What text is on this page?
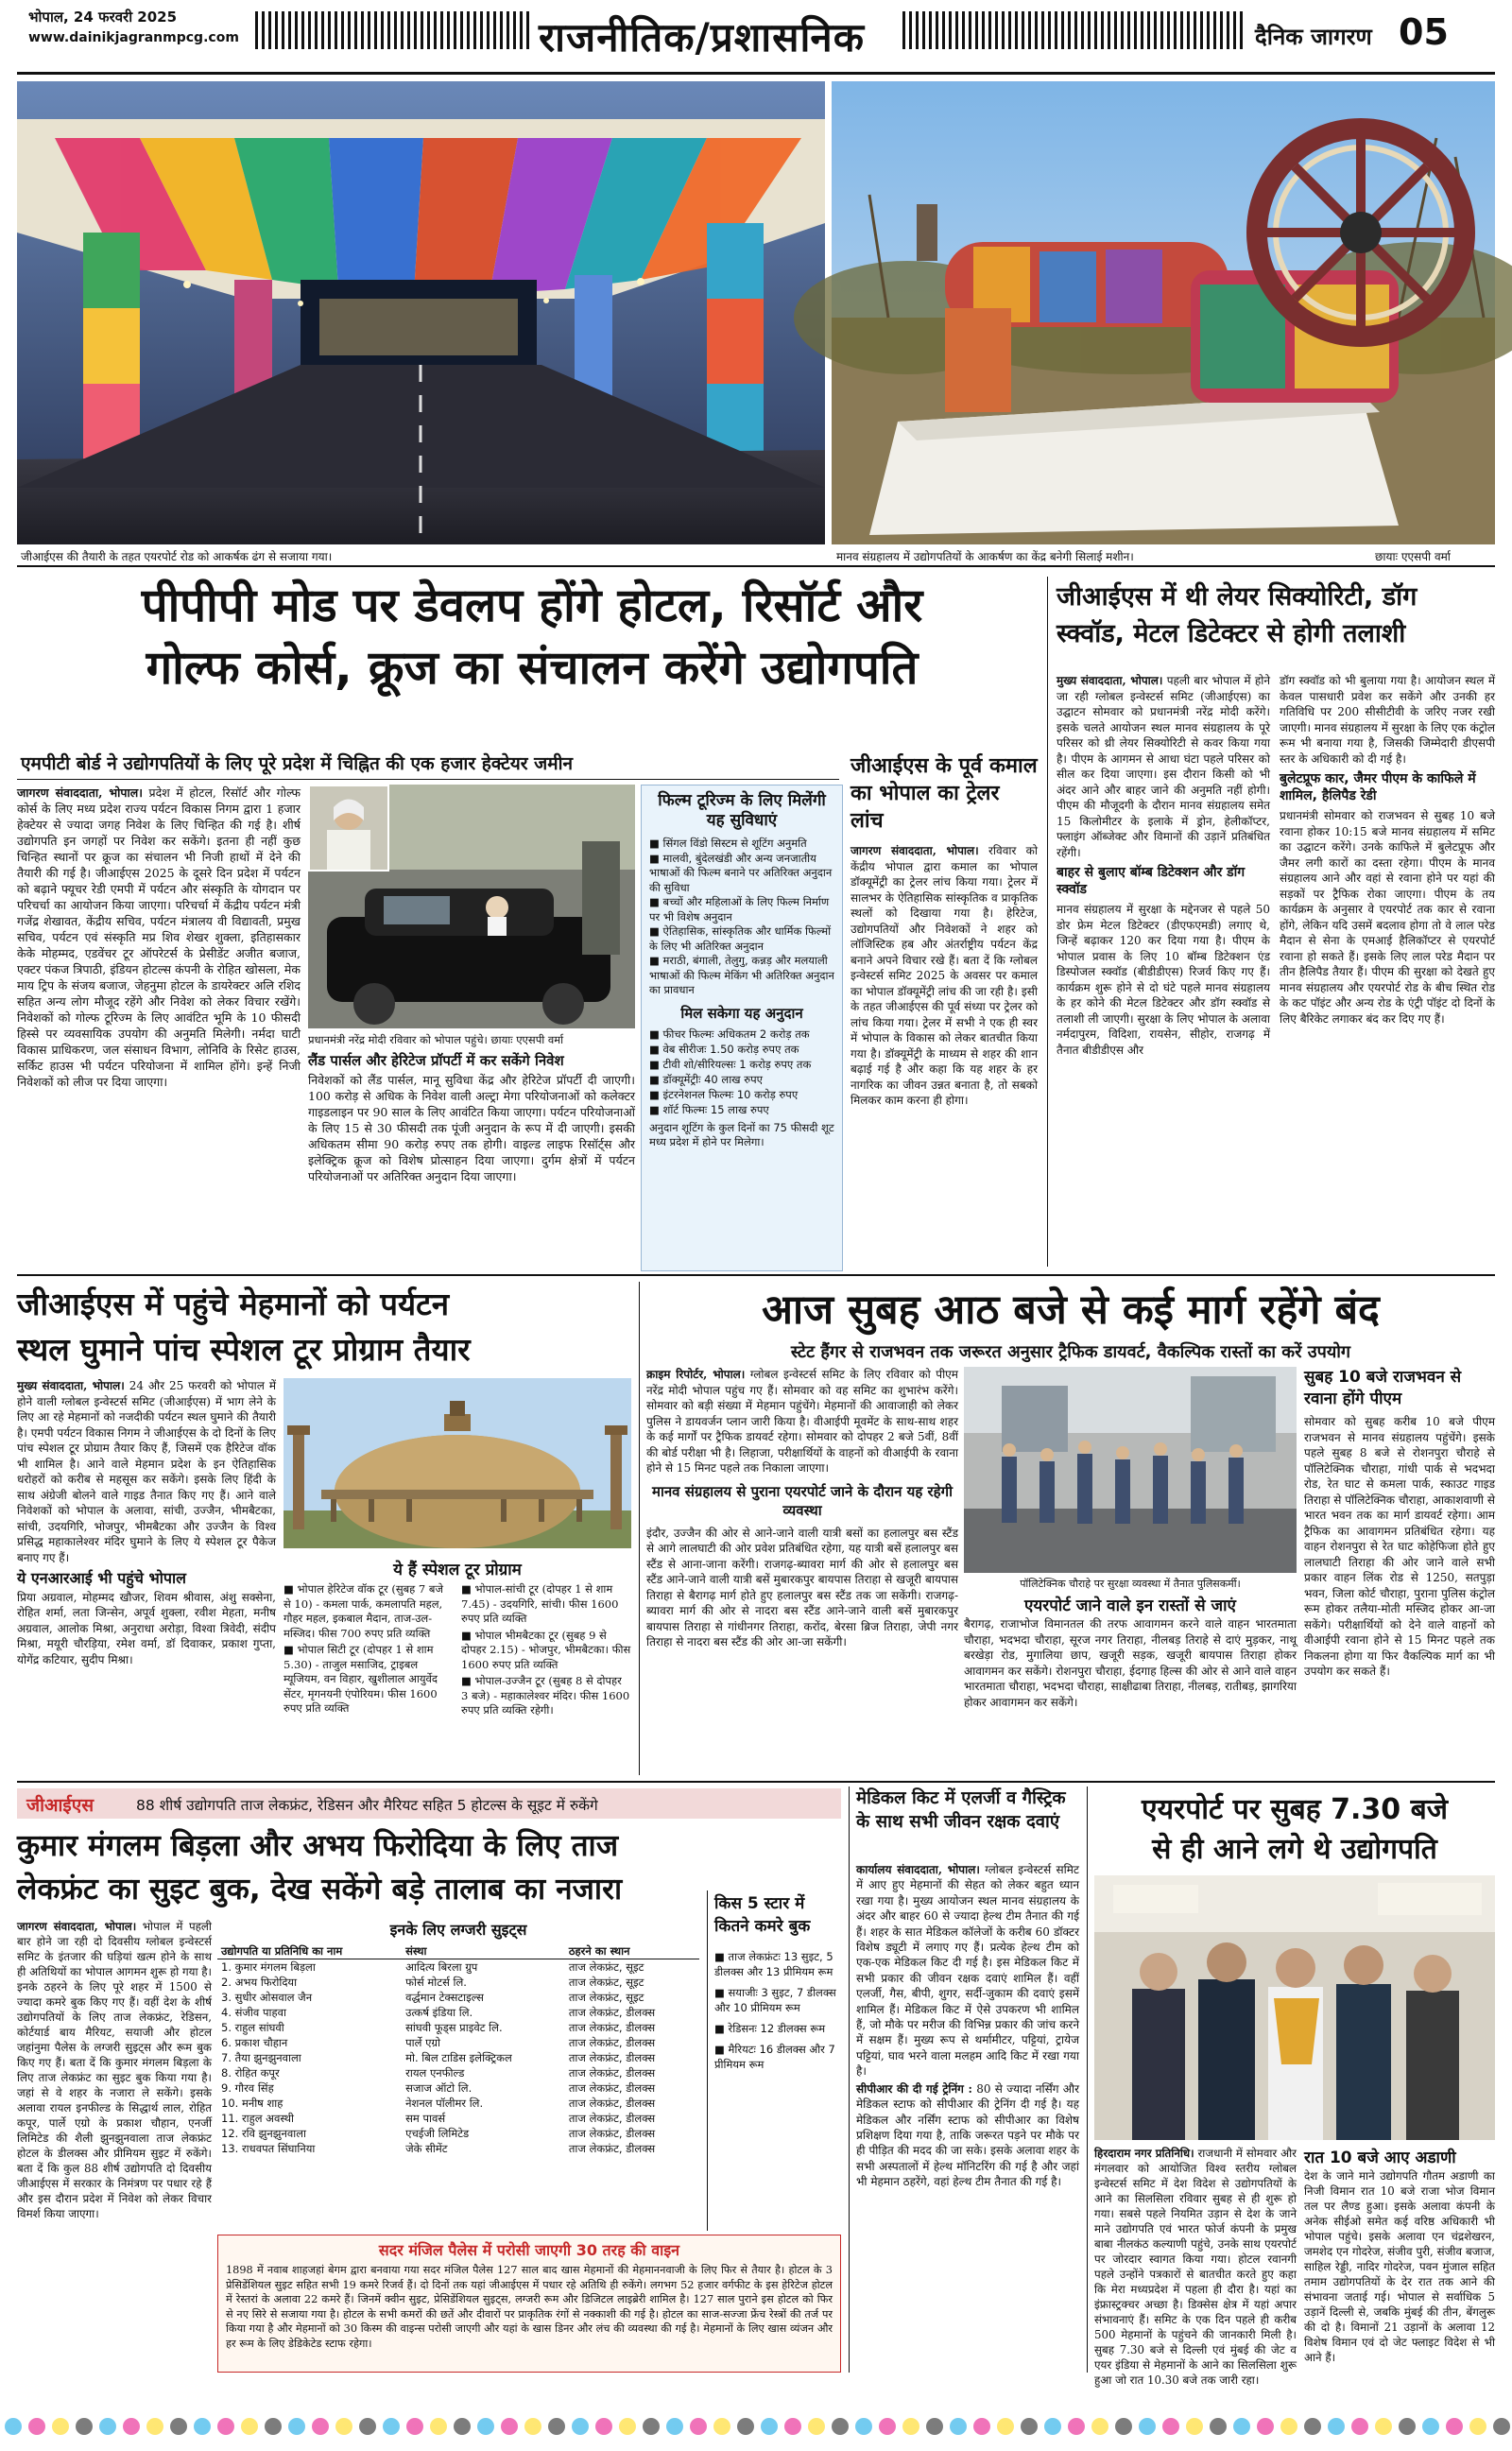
भोपाल, 24 फरवरी 2025
www.dainikjagranmpcg.com	राजनीतिक/प्रशासनिक	दैनिक जागरण 05
जीआईएस की तैयारी के तहत एयरपोर्ट रोड को आकर्षक ढंग से सजाया गया।	मानव संग्रहालय में उद्योगपतियों के आकर्षण का केंद्र बनेगी सिलाई मशीन।	छायाः एएसपी वर्मा
पीपीपी मोड पर डेवलप होंगे होटल, रिसॉर्ट और
गोल्फ कोर्स, क्रूज का संचालन करेंगे उद्योगपति
एमपीटी बोर्ड ने उद्योगपतियों के लिए पूरे प्रदेश में चिह्नित की एक हजार हेक्टेयर जमीन

जागरण संवाददाता, भोपाल। प्रदेश में होटल, रिसॉर्ट और गोल्फ कोर्स के लिए मध्य प्रदेश राज्य पर्यटन विकास निगम द्वारा 1 हजार हेक्टेयर से ज्यादा जगह निवेश के लिए चिन्हित की गई है। शीर्ष उद्योगपति इन जगहों पर निवेश कर सकेंगे। इतना ही नहीं कुछ चिन्हित स्थानों पर क्रूज का संचालन भी निजी हाथों में देने की तैयारी की गई है। जीआईएस 2025 के दूसरे दिन प्रदेश में पर्यटन को बढ़ाने फ्यूचर रेडी एमपी में पर्यटन और संस्कृति के योगदान पर परिचर्चा का आयोजन किया जाएगा। परिचर्चा में केंद्रीय पर्यटन मंत्री गजेंद्र शेखावत, केंद्रीय सचिव, पर्यटन मंत्रालय वी विद्यावती, प्रमुख सचिव, पर्यटन एवं संस्कृति मप्र शिव शेखर शुक्ला, इतिहासकार केके मोहम्मद, एडवेंचर टूर ऑपरेटर्स के प्रेसीडेंट अजीत बजाज, एक्टर पंकज त्रिपाठी, इंडियन होटल्स कंपनी के रोहित खोसला, मेक माय ट्रिप के संजय बजाज, जेहनुमा होटल के डायरेक्टर अलि रशिद सहित अन्य लोग मौजूद रहेंगे और निवेश को लेकर विचार रखेंगे। निवेशकों को गोल्फ टूरिज्म के लिए आवंटित भूमि के 10 फीसदी हिस्से पर व्यवसायिक उपयोग की अनुमति मिलेगी। नर्मदा घाटी विकास प्राधिकरण, जल संसाधन विभाग, लोनिवि के रिसेट हाउस, सर्किट हाउस भी पर्यटन परियोजना में शामिल होंगे। इन्हें निजी निवेशकों को लीज पर दिया जाएगा।

प्रधानमंत्री नरेंद्र मोदी रविवार को भोपाल पहुंचे। छायाः एएसपी वर्मा
लैंड पार्सल और हेरिटेज प्रॉपर्टी में कर सकेंगे निवेश
निवेशकों को लैंड पार्सल, मानू सुविधा केंद्र और हेरिटेज प्रॉपर्टी दी जाएगी। 100 करोड़ से अधिक के निवेश वाली अल्ट्रा मेगा परियोजनाओं को कलेक्टर गाइडलाइन पर 90 साल के लिए आवंटित किया जाएगा। पर्यटन परियोजनाओं के लिए 15 से 30 फीसदी तक पूंजी अनुदान के रूप में दी जाएगी। इसकी अधिकतम सीमा 90 करोड़ रुपए तक होगी। वाइल्ड लाइफ रिसॉर्ट्स और इलेक्ट्रिक क्रूज को विशेष प्रोत्साहन दिया जाएगा। दुर्गम क्षेत्रों में पर्यटन परियोजनाओं पर अतिरिक्त अनुदान दिया जाएगा।
फिल्म टूरिज्म के लिए मिलेंगी यह सुविधाएं
■ सिंगल विंडो सिस्टम से शूटिंग अनुमति
■ मालवी, बुंदेलखंडी और अन्य जनजातीय भाषाओं की फिल्म बनाने पर अतिरिक्त अनुदान की सुविधा
■ बच्चों और महिलाओं के लिए फिल्म निर्माण पर भी विशेष अनुदान
■ ऐतिहासिक, सांस्कृतिक और धार्मिक फिल्मों के लिए भी अतिरिक्त अनुदान
■ मराठी, बंगाली, तेलुगु, कन्नड़ और मलयाली भाषाओं की फिल्म मेकिंग भी अतिरिक्त अनुदान का प्रावधान
मिल सकेगा यह अनुदान
■ फीचर फिल्मः अधिकतम 2 करोड़ तक
■ वेब सीरीजः 1.50 करोड़ रुपए तक
■ टीवी शो/सीरियल्सः 1 करोड़ रुपए तक
■ डॉक्यूमेंट्रीः 40 लाख रुपए
■ इंटरनेशनल फिल्मः 10 करोड़ रुपए
■ शॉर्ट फिल्मः 15 लाख रुपए
अनुदान शूटिंग के कुल दिनों का 75 फीसदी शूट मध्य प्रदेश में होने पर मिलेगा।
जीआईएस के पूर्व कमाल का भोपाल का ट्रेलर लांच
जागरण संवाददाता, भोपाल। रविवार को केंद्रीय भोपाल द्वारा कमाल का भोपाल डॉक्यूमेंट्री का ट्रेलर लांच किया गया। ट्रेलर में सालभर के ऐतिहासिक सांस्कृतिक व प्राकृतिक स्थलों को दिखाया गया है। हेरिटेज, उद्योगपतियों और निवेशकों ने शहर को लॉजिस्टिक हब और अंतर्राष्ट्रीय पर्यटन केंद्र बनाने अपने विचार रखे हैं। बता दें कि ग्लोबल इन्वेस्टर्स समिट 2025 के अवसर पर कमाल का भोपाल डॉक्यूमेंट्री लांच की जा रही है। इसी के तहत जीआईएस की पूर्व संध्या पर ट्रेलर को लांच किया गया। ट्रेलर में सभी ने एक ही स्वर में भोपाल के विकास को लेकर बातचीत किया गया है। डॉक्यूमेंट्री के माध्यम से शहर की शान बढ़ाई गई है और कहा कि यह शहर के हर नागरिक का जीवन उन्नत बनाता है, तो सबको मिलकर काम करना ही होगा।
जीआईएस में थी लेयर सिक्योरिटी, डॉग
स्क्वॉड, मेटल डिटेक्टर से होगी तलाशी

मुख्य संवाददाता, भोपाल। पहली बार भोपाल में होने जा रही ग्लोबल इन्वेस्टर्स समिट (जीआईएस) का उद्घाटन सोमवार को प्रधानमंत्री नरेंद्र मोदी करेंगे। इसके चलते आयोजन स्थल मानव संग्रहालय के पूरे परिसर को थ्री लेयर सिक्योरिटी से कवर किया गया है। पीएम के आगमन से आधा घंटा पहले परिसर को सील कर दिया जाएगा। इस दौरान किसी को भी अंदर आने और बाहर जाने की अनुमति नहीं होगी। पीएम की मौजूदगी के दौरान मानव संग्रहालय समेत 15 किलोमीटर के इलाके में ड्रोन, हेलीकॉप्टर, फ्लाइंग ऑब्जेक्ट और विमानों की उड़ानें प्रतिबंधित रहेंगी।

बाहर से बुलाए बॉम्ब डिटेक्शन और डॉग स्क्वॉड

मानव संग्रहालय में सुरक्षा के मद्देनजर से पहले 50 डोर फ्रेम मेटल डिटेक्टर (डीएफएमडी) लगाए थे, जिन्हें बढ़ाकर 120 कर दिया गया है। पीएम के भोपाल प्रवास के लिए 10 बॉम्ब डिटेक्शन एंड डिस्पोजल स्क्वॉड (बीडीडीएस) रिजर्व किए गए हैं। कार्यक्रम शुरू होने से दो घंटे पहले मानव संग्रहालय के हर कोने की मेटल डिटेक्टर और डॉग स्क्वॉड से तलाशी ली जाएगी। सुरक्षा के लिए भोपाल के अलावा नर्मदापुरम, विदिशा, रायसेन, सीहोर, राजगढ़ में तैनात बीडीडीएस और

डॉग स्क्वॉड को भी बुलाया गया है। आयोजन स्थल में केवल पासधारी प्रवेश कर सकेंगे और उनकी हर गतिविधि पर 200 सीसीटीवी के जरिए नजर रखी जाएगी। मानव संग्रहालय में सुरक्षा के लिए एक कंट्रोल रूम भी बनाया गया है, जिसकी जिम्मेदारी डीएसपी स्तर के अधिकारी को दी गई है।

बुलेटप्रूफ कार, जैमर पीएम के काफिले में शामिल, हैलिपैड रेडी

प्रधानमंत्री सोमवार को राजभवन से सुबह 10 बजे रवाना होकर 10:15 बजे मानव संग्रहालय में समिट का उद्घाटन करेंगे। उनके काफिले में बुलेटप्रूफ और जैमर लगी कारों का दस्ता रहेगा। पीएम के मानव संग्रहालय आने और वहां से रवाना होने पर यहां की सड़कों पर ट्रैफिक रोका जाएगा। पीएम के तय कार्यक्रम के अनुसार वे एयरपोर्ट तक कार से रवाना होंगे, लेकिन यदि उसमें बदलाव होगा तो वे लाल परेड मैदान से सेना के एमआई हैलिकॉप्टर से एयरपोर्ट रवाना हो सकते हैं। इसके लिए लाल परेड मैदान पर तीन हैलिपैड तैयार हैं। पीएम की सुरक्षा को देखते हुए मानव संग्रहालय और एयरपोर्ट रोड के बीच स्थित रोड के कट पॉइंट और अन्य रोड के एंट्री पॉइंट दो दिनों के लिए बैरिकेट लगाकर बंद कर दिए गए हैं।

जीआईएस में पहुंचे मेहमानों को पर्यटन
स्थल घुमाने पांच स्पेशल टूर प्रोग्राम तैयार

मुख्य संवाददाता, भोपाल। 24 और 25 फरवरी को भोपाल में होने वाली ग्लोबल इन्वेस्टर्स समिट (जीआईएस) में भाग लेने के लिए आ रहे मेहमानों को नजदीकी पर्यटन स्थल घुमाने की तैयारी है। एमपी पर्यटन विकास निगम ने जीआईएस के दो दिनों के लिए पांच स्पेशल टूर प्रोग्राम तैयार किए हैं, जिसमें एक हैरिटेज वॉक भी शामिल है। आने वाले मेहमान प्रदेश के इन ऐतिहासिक धरोहरों को करीब से महसूस कर सकेंगे। इसके लिए हिंदी के साथ अंग्रेजी बोलने वाले गाइड तैनात किए गए हैं। आने वाले निवेशकों को भोपाल के अलावा, सांची, उज्जैन, भीमबैटका, सांची, उदयगिरि, भोजपुर, भीमबैटका और उज्जैन के विश्व प्रसिद्ध महाकालेश्वर मंदिर घुमाने के लिए ये स्पेशल टूर पैकेज बनाए गए हैं।

ये एनआरआई भी पहुंचे भोपाल

प्रिया अग्रवाल, मोहम्मद खौजर, शिवम श्रीवास, अंशु सक्सेना, रोहित शर्मा, लता जिन्सेन, अपूर्व शुक्ला, रवीश मेहता, मनीष अग्रवाल, आलोक मिश्रा, अनुराधा अरोड़ा, विश्वा त्रिवेदी, संदीप मिश्रा, मयूरी चौरड़िया, रमेश वर्मा, डॉ दिवाकर, प्रकाश गुप्ता, योगेंद्र कटियार, सुदीप मिश्रा।

ये हैं स्पेशल टूर प्रोग्राम

■ भोपाल हेरिटेज वॉक टूर (सुबह 7 बजे से 10) - कमला पार्क, कमलापति महल, गौहर महल, इकबाल मैदान, ताज-उल-मस्जिद। फीस 700 रुपए प्रति व्यक्ति

■ भोपाल सिटी टूर (दोपहर 1 से शाम 5.30) - ताजुल मसाजिद, ट्राइबल म्यूजियम, वन विहार, खुशीलाल आयुर्वेद सेंटर, मृगनयनी एंपोरियम। फीस 1600 रुपए प्रति व्यक्ति

■ भोपाल-सांची टूर (दोपहर 1 से शाम 7.45) - उदयगिरि, सांची। फीस 1600 रुपए प्रति व्यक्ति

■ भोपाल भीमबैटका टूर (सुबह 9 से दोपहर 2.15) - भोजपुर, भीमबैटका। फीस 1600 रुपए प्रति व्यक्ति

■ भोपाल-उज्जैन टूर (सुबह 8 से दोपहर 3 बजे) - महाकालेश्वर मंदिर। फीस 1600 रुपए प्रति व्यक्ति रहेगी।

आज सुबह आठ बजे से कई मार्ग रहेंगे बंद
स्टेट हैंगर से राजभवन तक जरूरत अनुसार ट्रैफिक डायवर्ट, वैकल्पिक रास्तों का करें उपयोग

क्राइम रिपोर्टर, भोपाल। ग्लोबल इन्वेस्टर्स समिट के लिए रविवार को पीएम नरेंद्र मोदी भोपाल पहुंच गए हैं। सोमवार को वह समिट का शुभारंभ करेंगे। सोमवार को बड़ी संख्या में मेहमान पहुंचेंगे। मेहमानों की आवाजाही को लेकर पुलिस ने डायवर्जन प्लान जारी किया है। वीआईपी मूवमेंट के साथ-साथ शहर के कई मार्गों पर ट्रैफिक डायवर्ट रहेगा। सोमवार को दोपहर 2 बजे 5वीं, 8वीं की बोर्ड परीक्षा भी है। लिहाजा, परीक्षार्थियों के वाहनों को वीआईपी के रवाना होने से 15 मिनट पहले तक निकाला जाएगा।

मानव संग्रहालय से पुराना एयरपोर्ट जाने के दौरान यह रहेगी व्यवस्था

इंदौर, उज्जैन की ओर से आने-जाने वाली यात्री बसों का हलालपुर बस स्टैंड से आगे लालघाटी की ओर प्रवेश प्रतिबंधित रहेगा, यह यात्री बसें हलालपुर बस स्टैंड से आना-जाना करेंगी। राजगढ़-ब्यावरा मार्ग की ओर से हलालपुर बस स्टैंड आने-जाने वाली यात्री बसें मुबारकपुर बायपास तिराहा से खजूरी बायपास तिराहा से बैरागढ़ मार्ग होते हुए हलालपुर बस स्टैंड तक जा सकेंगी। राजगढ़-ब्यावरा मार्ग की ओर से नादरा बस स्टैंड आने-जाने वाली बसें मुबारकपुर बायपास तिराहा से गांधीनगर तिराहा, करोंद, बेरसा ब्रिज तिराहा, जेपी नगर तिराहा से नादरा बस स्टैंड की ओर आ-जा सकेंगी।

पॉलिटेक्निक चौराहे पर सुरक्षा व्यवस्था में तैनात पुलिसकर्मी।
एयरपोर्ट जाने वाले इन रास्तों से जाएं
बैरागढ़, राजाभोज विमानतल की तरफ आवागमन करने वाले वाहन भारतमाता चौराहा, भदभदा चौराहा, सूरज नगर तिराहा, नीलबड़ तिराहे से दाएं मुड़कर, नाथू बरखेड़ा रोड, मुगालिया छाप, खजूरी सड़क, खजूरी बायपास तिराहा होकर आवागमन कर सकेंगे। रोशनपुरा चौराहा, ईदगाह हिल्स की ओर से आने वाले वाहन भारतमाता चौराहा, भदभदा चौराहा, साक्षीढाबा तिराहा, नीलबड़, रातीबड़, झागरिया होकर आवागमन कर सकेंगे।
सुबह 10 बजे राजभवन से रवाना होंगे पीएम
सोमवार को सुबह करीब 10 बजे पीएम राजभवन से मानव संग्रहालय पहुंचेंगे। इसके पहले सुबह 8 बजे से रोशनपुरा चौराहे से पॉलिटेक्निक चौराहा, गांधी पार्क से भदभदा रोड, रेत घाट से कमला पार्क, स्काउट गाइड तिराहा से पॉलिटेक्निक चौराहा, आकाशवाणी से भारत भवन तक का मार्ग डायवर्ट रहेगा। आम ट्रैफिक का आवागमन प्रतिबंधित रहेगा। यह वाहन रोशनपुरा से रेत घाट कोहेफिजा होते हुए लालघाटी तिराहा की ओर जाने वाले सभी प्रकार वाहन लिंक रोड से 1250, सतपुड़ा भवन, जिला कोर्ट चौराहा, पुराना पुलिस कंट्रोल रूम होकर तलैया-मोती मस्जिद होकर आ-जा सकेंगे। परीक्षार्थियों को देने वाले वाहनों को वीआईपी रवाना होने से 15 मिनट पहले तक निकलना होगा या फिर वैकल्पिक मार्ग का भी उपयोग कर सकते हैं।
जीआईएस	88 शीर्ष उद्योगपति ताज लेकफ्रंट, रेडिसन और मैरियट सहित 5 होटल्स के सूइट में रुकेंगे
कुमार मंगलम बिड़ला और अभय फिरोदिया के लिए ताज
लेकफ्रंट का सुइट बुक, देख सकेंगे बड़े तालाब का नजारा
जागरण संवाददाता, भोपाल। भोपाल में पहली बार होने जा रही दो दिवसीय ग्लोबल इन्वेस्टर्स समिट के इंतजार की घड़ियां खत्म होने के साथ ही अतिथियों का भोपाल आगमन शुरू हो गया है। इनके ठहरने के लिए पूरे शहर में 1500 से ज्यादा कमरे बुक किए गए हैं। वहीं देश के शीर्ष उद्योगपतियों के लिए ताज लेकफ्रंट, रेडिसन, कोर्टयार्ड बाय मैरियट, सयाजी और होटल जहांनुमा पैलेस के लग्जरी सुइट्स और रूम बुक किए गए हैं। बता दें कि कुमार मंगलम बिड़ला के लिए ताज लेकफ्रंट का सुइट बुक किया गया है। जहां से वे शहर के नजारा ले सकेंगे। इसके अलावा रायल इनफील्ड के सिद्धार्थ लाल, रोहित कपूर, पार्ले एग्रो के प्रकाश चौहान, एनर्जी लिमिटेड की शैली झुनझुनवाला ताज लेकफ्रंट होटल के डीलक्स और प्रीमियम सुइट में रुकेंगे। बता दें कि कुल 88 शीर्ष उद्योगपति दो दिवसीय जीआईएस में सरकार के निमंत्रण पर पधार रहे हैं और इस दौरान प्रदेश में निवेश को लेकर विचार विमर्श किया जाएगा।
इनके लिए लग्जरी सुइट्स
उद्योगपति या प्रतिनिधि का नाम	संस्था	ठहरने का स्थान
1. कुमार मंगलम बिड़ला	आदित्य बिरला ग्रुप	ताज लेकफ्रंट, सूइट
2. अभय फिरोदिया	फोर्स मोटर्स लि.	ताज लेकफ्रंट, सूइट
3. सुधीर ओसवाल जैन	वर्द्धमान टेक्सटाइल्स	ताज लेकफ्रंट, सूइट
4. संजीव पाहवा	उत्कर्ष इंडिया लि.	ताज लेकफ्रंट, डीलक्स
5. राहुल सांघवी	सांघवी फूड्स प्राइवेट लि.	ताज लेकफ्रंट, डीलक्स
6. प्रकाश चौहान	पार्ले एग्रो	ताज लेकफ्रंट, डीलक्स
7. तैया झुनझुनवाला	मो. बिल टाडिस इलेक्ट्रिकल	ताज लेकफ्रंट, डीलक्स
8. रोहित कपूर	रायल एनफील्ड	ताज लेकफ्रंट, डीलक्स
9. गौरव सिंह	सजाज ऑटो लि.	ताज लेकफ्रंट, डीलक्स
10. मनीष शाह	नेशनल पॉलीमर लि.	ताज लेकफ्रंट, डीलक्स
11. राहुल अवस्थी	सम पावर्स	ताज लेकफ्रंट, डीलक्स
12. रवि झुनझुनवाला	एचईजी लिमिटेड	ताज लेकफ्रंट, डीलक्स
13. राधवपत सिंघानिया	जेके सीमेंट	ताज लेकफ्रंट, डीलक्स
किस 5 स्टार में कितने कमरे बुक

■ ताज लेकफ्रंटः 13 सुइट, 5 डीलक्स और 13 प्रीमियम रूम

■ सयाजीः 3 सुइट, 7 डीलक्स और 10 प्रीमियम रूम

■ रेडिसनः 12 डीलक्स रूम

■ मैरियटः 16 डीलक्स और 7 प्रीमियम रूम

सदर मंजिल पैलेस में परोसी जाएगी 30 तरह की वाइन
1898 में नवाब शाहजहां बेगम द्वारा बनवाया गया सदर मंजिल पैलेस 127 साल बाद खास मेहमानों की मेहमाननवाजी के लिए फिर से तैयार है। होटल के 3 प्रेसिडेंशियल सुइट सहित सभी 19 कमरे रिजर्व हैं। दो दिनों तक यहां जीआईएस में पधार रहे अतिथि ही रुकेंगे। लगभग 52 हजार वर्गफीट के इस हेरिटेज होटल में रेस्तरां के अलावा 22 कमरे हैं। जिनमें क्वीन सुइट, प्रेसिडेंशियल सुइट्स, लग्जरी रूम और डिजिटल लाइब्रेरी शामिल है। 127 साल पुराने इस होटल को फिर से नए सिरे से सजाया गया है। होटल के सभी कमरों की छतें और दीवारों पर प्राकृतिक रंगों से नक्काशी की गई है। होटल का साज-सज्जा फ्रेंच रेस्त्रों की तर्ज पर किया गया है और मेहमानों को 30 किस्म की वाइन्स परोसी जाएगी और यहां के खास डिनर और लंच की व्यवस्था की गई है। मेहमानों के लिए खास व्यंजन और हर रूम के लिए डेडिकेटेड स्टाफ रहेगा।
मेडिकल किट में एलर्जी व गैस्ट्रिक के साथ सभी जीवन रक्षक दवाएं

कार्यालय संवाददाता, भोपाल। ग्लोबल इन्वेस्टर्स समिट में आए हुए मेहमानों की सेहत को लेकर बहुत ध्यान रखा गया है। मुख्य आयोजन स्थल मानव संग्रहालय के अंदर और बाहर 60 से ज्यादा हेल्थ टीम तैनात की गई हैं। शहर के सात मेडिकल कॉलेजों के करीब 60 डॉक्टर विशेष ड्यूटी में लगाए गए हैं। प्रत्येक हेल्थ टीम को एक-एक मेडिकल किट दी गई है। इस मेडिकल किट में सभी प्रकार की जीवन रक्षक दवाएं शामिल हैं। वहीं एलर्जी, गैस, बीपी, शुगर, सर्दी-जुकाम की दवाएं इसमें शामिल हैं। मेडिकल किट में ऐसे उपकरण भी शामिल हैं, जो मौके पर मरीज की विभिन्न प्रकार की जांच करने में सक्षम हैं। मुख्य रूप से थर्मामीटर, पट्टियां, ट्रायेज पट्टियां, घाव भरने वाला मलहम आदि किट में रखा गया है।

सीपीआर की दी गई ट्रेनिंग : 80 से ज्यादा नर्सिंग और मेडिकल स्टाफ को सीपीआर की ट्रेनिंग दी गई है। यह मेडिकल और नर्सिंग स्टाफ को सीपीआर का विशेष प्रशिक्षण दिया गया है, ताकि जरूरत पड़ने पर मौके पर ही पीड़ित की मदद की जा सके। इसके अलावा शहर के सभी अस्पतालों में हेल्थ मॉनिटरिंग की गई है और जहां भी मेहमान ठहरेंगे, वहां हेल्थ टीम तैनात की गई है।

एयरपोर्ट पर सुबह 7.30 बजे
से ही आने लगे थे उद्योगपति
हिरदाराम नगर प्रतिनिधि। राजधानी में सोमवार और मंगलवार को आयोजित विश्व स्तरीय ग्लोबल इन्वेस्टर्स समिट में देश विदेश से उद्योगपतियों के आने का सिलसिला रविवार सुबह से ही शुरू हो गया। सबसे पहले नियमित उड़ान से देश के जाने माने उद्योगपति एवं भारत फोर्ज कंपनी के प्रमुख बाबा नीलकंठ कल्याणी पहुंचे, उनके साथ एयरपोर्ट पर जोरदार स्वागत किया गया। होटल रवानगी पहले उन्होंने पत्रकारों से बातचीत करते हुए कहा कि मेरा मध्यप्रदेश में पहला ही दौरा है। यहां का इंफ्रास्ट्रक्चर अच्छा है। डिक्सेस क्षेत्र में यहां अपार संभावनाएं हैं। समिट के एक दिन पहले ही करीब 500 मेहमानों के पहुंचने की जानकारी मिली है। सुबह 7.30 बजे से दिल्ली एवं मुंबई की जेट व एयर इंडिया से मेहमानों के आने का सिलसिला शुरू हुआ जो रात 10.30 बजे तक जारी रहा।
रात 10 बजे आए अडाणी
देश के जाने माने उद्योगपति गौतम अडाणी का निजी विमान रात 10 बजे राजा भोज विमान तल पर लैण्ड हुआ। इसके अलावा कंपनी के अनेक सीईओ समेत कई वरिष्ठ अधिकारी भी भोपाल पहुंचे। इसके अलावा एन चंद्रशेखरन, जमशेद एन गोदरेज, संजीव पुरी, संजीव बजाज, साहिल रेड्डी, नादिर गोदरेज, पवन मुंजाल सहित तमाम उद्योगपतियों के देर रात तक आने की संभावना जताई गई। भोपाल से सर्वाधिक 5 उड़ानें दिल्ली से, जबकि मुंबई की तीन, बेंगलुरू की दो है। विमानों 21 उड़ानों के अलावा 12 विशेष विमान एवं दो जेट फ्लाइट विदेश से भी आने हैं।
